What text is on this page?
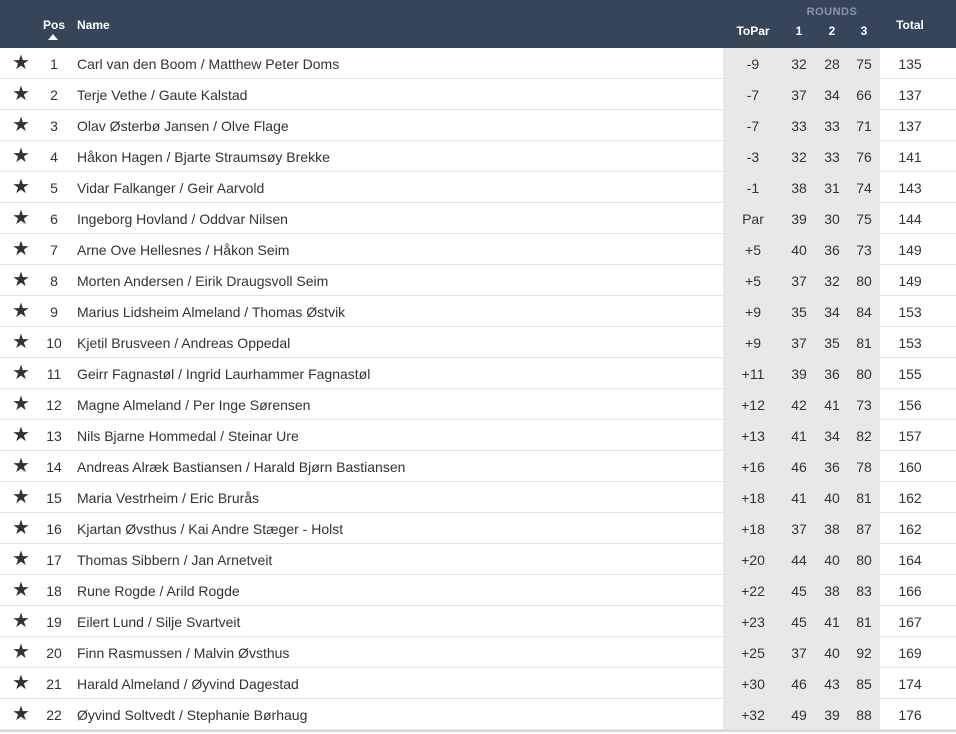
Pos Name
ROUNDS
ToPar	1	2	3	Total
★	1	Carl van den Boom / Matthew Peter Doms	-9	32	28	75	135
★	2	Terje Vethe / Gaute Kalstad	-7	37	34	66	137
★	3	Olav Østerbø Jansen / Olve Flage	-7	33	33	71	137
★	4	Håkon Hagen / Bjarte Straumsøy Brekke	-3	32	33	76	141
★	5	Vidar Falkanger / Geir Aarvold	-1	38	31	74	143
★	6	Ingeborg Hovland / Oddvar Nilsen	Par	39	30	75	144
★	7	Arne Ove Hellesnes / Håkon Seim	+5	40	36	73	149
★	8	Morten Andersen / Eirik Draugsvoll Seim	+5	37	32	80	149
★	9	Marius Lidsheim Almeland / Thomas Østvik	+9	35	34	84	153
★	10	Kjetil Brusveen / Andreas Oppedal	+9	37	35	81	153
★	11	Geirr Fagnastøl / Ingrid Laurhammer Fagnastøl	+11	39	36	80	155
★	12	Magne Almeland / Per Inge Sørensen	+12	42	41	73	156
★	13	Nils Bjarne Hommedal / Steinar Ure	+13	41	34	82	157
★	14	Andreas Alræk Bastiansen / Harald Bjørn Bastiansen	+16	46	36	78	160
★	15	Maria Vestrheim / Eric Brurås	+18	41	40	81	162
★	16	Kjartan Øvsthus / Kai Andre Stæger - Holst	+18	37	38	87	162
★	17	Thomas Sibbern / Jan Arnetveit	+20	44	40	80	164
★	18	Rune Rogde / Arild Rogde	+22	45	38	83	166
★	19	Eilert Lund / Silje Svartveit	+23	45	41	81	167
★	20	Finn Rasmussen / Malvin Øvsthus	+25	37	40	92	169
★	21	Harald Almeland / Øyvind Dagestad	+30	46	43	85	174
★	22	Øyvind Soltvedt / Stephanie Børhaug	+32	49	39	88	176
